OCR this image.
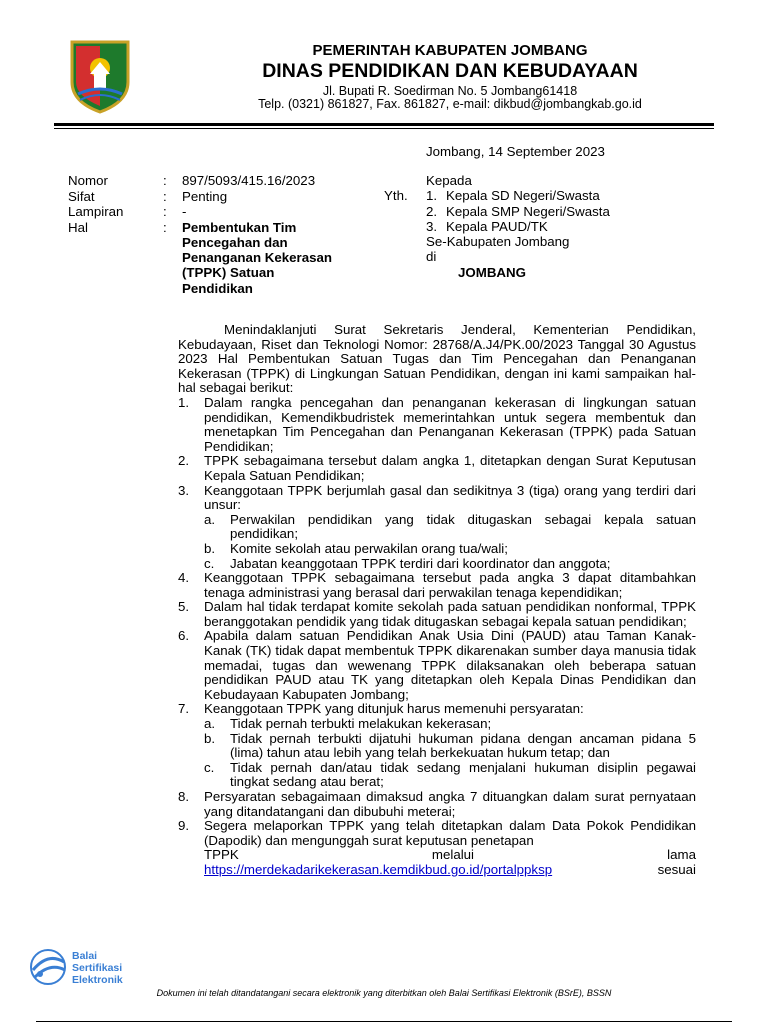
PEMERINTAH KABUPATEN JOMBANG
DINAS PENDIDIKAN DAN KEBUDAYAAN
Jl. Bupati R. Soedirman No. 5 Jombang61418
Telp. (0321) 861827, Fax. 861827, e-mail: dikbud@jombangkab.go.id
Jombang, 14 September 2023
Nomor	: 897/5093/415.16/2023
Sifat	: Penting
Lampiran	: -
Hal	: Pembentukan Tim
Pencegahan dan
Penanganan Kekerasan
(TPPK) Satuan
Pendidikan
Yth.
Kepada
1. Kepala SD Negeri/Swasta
2. Kepala SMP Negeri/Swasta
3. Kepala PAUD/TK
Se-Kabupaten Jombang
di
JOMBANG
Menindaklanjuti Surat Sekretaris Jenderal, Kementerian Pendidikan, Kebudayaan, Riset dan Teknologi Nomor: 28768/A.J4/PK.00/2023 Tanggal 30 Agustus 2023 Hal Pembentukan Satuan Tugas dan Tim Pencegahan dan Penanganan Kekerasan (TPPK) di Lingkungan Satuan Pendidikan, dengan ini kami sampaikan hal-hal sebagai berikut:
1. Dalam rangka pencegahan dan penanganan kekerasan di lingkungan satuan pendidikan, Kemendikbudristek memerintahkan untuk segera membentuk dan menetapkan Tim Pencegahan dan Penanganan Kekerasan (TPPK) pada Satuan Pendidikan;
2. TPPK sebagaimana tersebut dalam angka 1, ditetapkan dengan Surat Keputusan Kepala Satuan Pendidikan;
3. Keanggotaan TPPK berjumlah gasal dan sedikitnya 3 (tiga) orang yang terdiri dari unsur:
a. Perwakilan pendidikan yang tidak ditugaskan sebagai kepala satuan pendidikan;
b. Komite sekolah atau perwakilan orang tua/wali;
c. Jabatan keanggotaan TPPK terdiri dari koordinator dan anggota;
4. Keanggotaan TPPK sebagaimana tersebut pada angka 3 dapat ditambahkan tenaga administrasi yang berasal dari perwakilan tenaga kependidikan;
5. Dalam hal tidak terdapat komite sekolah pada satuan pendidikan nonformal, TPPK beranggotakan pendidik yang tidak ditugaskan sebagai kepala satuan pendidikan;
6. Apabila dalam satuan Pendidikan Anak Usia Dini (PAUD) atau Taman Kanak-Kanak (TK) tidak dapat membentuk TPPK dikarenakan sumber daya manusia tidak memadai, tugas dan wewenang TPPK dilaksanakan oleh beberapa satuan pendidikan PAUD atau TK yang ditetapkan oleh Kepala Dinas Pendidikan dan Kebudayaan Kabupaten Jombang;
7. Keanggotaan TPPK yang ditunjuk harus memenuhi persyaratan:
a. Tidak pernah terbukti melakukan kekerasan;
b. Tidak pernah terbukti dijatuhi hukuman pidana dengan ancaman pidana 5 (lima) tahun atau lebih yang telah berkekuatan hukum tetap; dan
c. Tidak pernah dan/atau tidak sedang menjalani hukuman disiplin pegawai tingkat sedang atau berat;
8. Persyaratan sebagaimaan dimaksud angka 7 dituangkan dalam surat pernyataan yang ditandatangani dan dibubuhi meterai;
9. Segera melaporkan TPPK yang telah ditetapkan dalam Data Pokok Pendidikan (Dapodik) dan mengunggah surat keputusan penetapan
TPPK	melalui	lama
https://merdekadarikekerasan.kemdikbud.go.id/portalppksp	sesuai
Balai
Sertifikasi
Elektronik
Dokumen ini telah ditandatangani secara elektronik yang diterbitkan oleh Balai Sertifikasi Elektronik (BSrE), BSSN
